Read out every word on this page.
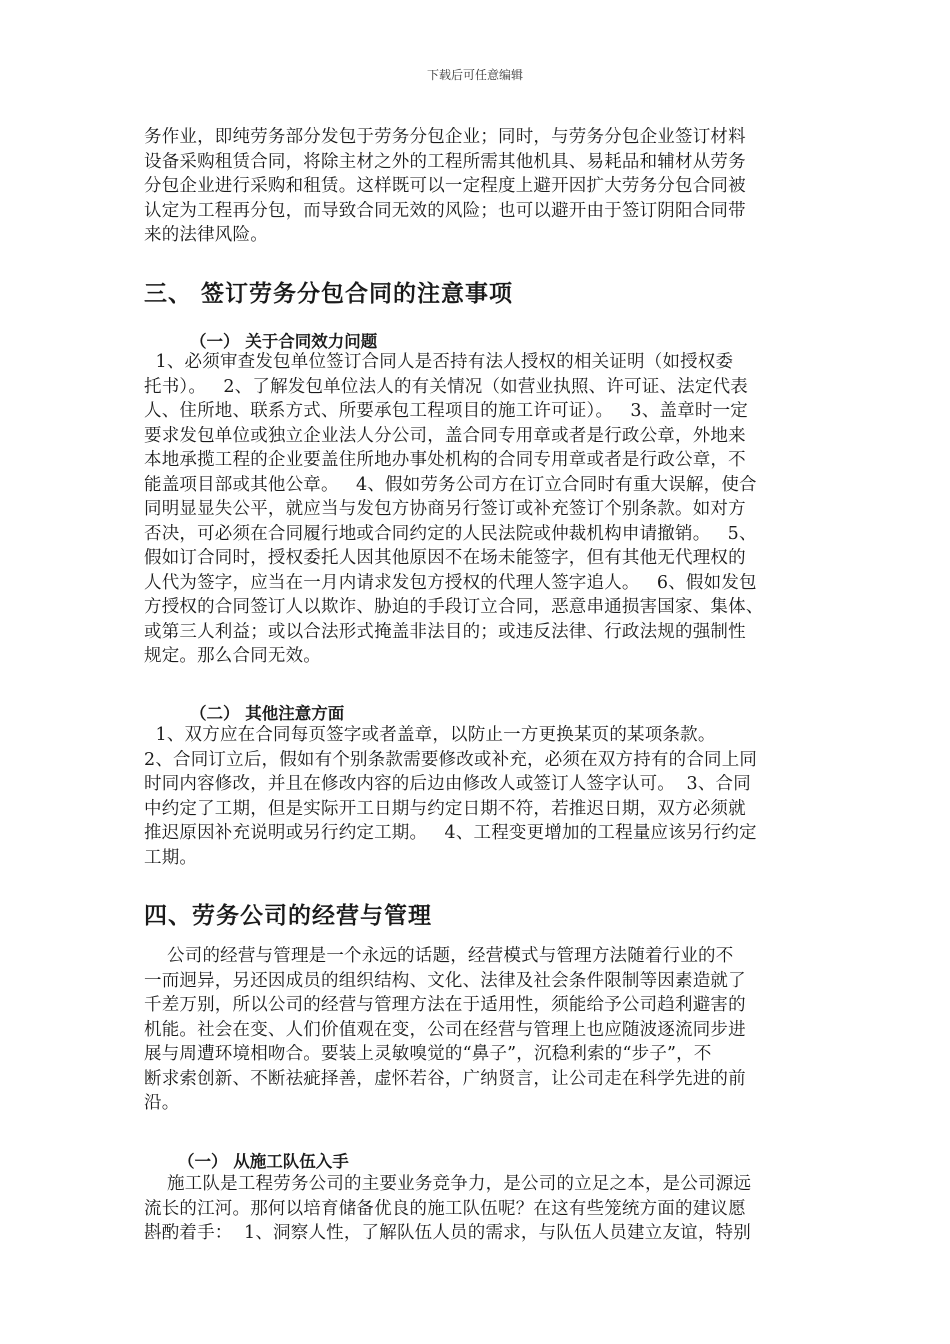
下载后可任意编辑

务作业，即纯劳务部分发包于劳务分包企业；同时，与劳务分包企业签订材料
设备采购租赁合同，将除主材之外的工程所需其他机具、易耗品和辅材从劳务
分包企业进行采购和租赁。这样既可以一定程度上避开因扩大劳务分包合同被
认定为工程再分包，而导致合同无效的风险；也可以避开由于签订阴阳合同带
来的法律风险。

三、 签订劳务分包合同的注意事项
（一） 关于合同效力问题

1、必须审查发包单位签订合同人是否持有法人授权的相关证明（如授权委
托书）。   2、了解发包单位法人的有关情况（如营业执照、许可证、法定代表
人、住所地、联系方式、所要承包工程项目的施工许可证）。   3、盖章时一定
要求发包单位或独立企业法人分公司，盖合同专用章或者是行政公章，外地来
本地承揽工程的企业要盖住所地办事处机构的合同专用章或者是行政公章，不
能盖项目部或其他公章。   4、假如劳务公司方在订立合同时有重大误解，使合
同明显显失公平，就应当与发包方协商另行签订或补充签订个别条款。如对方
否决，可必须在合同履行地或合同约定的人民法院或仲裁机构申请撤销。   5、
假如订合同时，授权委托人因其他原因不在场未能签字，但有其他无代理权的
人代为签字，应当在一月内请求发包方授权的代理人签字追人。   6、假如发包
方授权的合同签订人以欺诈、胁迫的手段订立合同，恶意串通损害国家、集体、
或第三人利益；或以合法形式掩盖非法目的；或违反法律、行政法规的强制性
规定。那么合同无效。

（二） 其他注意方面

1、双方应在合同每页签字或者盖章，以防止一方更换某页的某项条款。
2、合同订立后，假如有个别条款需要修改或补充，必须在双方持有的合同上同
时同内容修改，并且在修改内容的后边由修改人或签订人签字认可。  3、合同
中约定了工期，但是实际开工日期与约定日期不符，若推迟日期，双方必须就
推迟原因补充说明或另行约定工期。   4、工程变更增加的工程量应该另行约定
工期。

四、劳务公司的经营与管理

公司的经营与管理是一个永远的话题，经营模式与管理方法随着行业的不
一而迥异，另还因成员的组织结构、文化、法律及社会条件限制等因素造就了
千差万别，所以公司的经营与管理方法在于适用性，须能给予公司趋利避害的
机能。社会在变、人们价值观在变，公司在经营与管理上也应随波逐流同步进
展与周遭环境相吻合。要装上灵敏嗅觉的“鼻子”，沉稳利索的“步子”，不
断求索创新、不断祛疵择善，虚怀若谷，广纳贤言，让公司走在科学先进的前
沿。

（一） 从施工队伍入手

施工队是工程劳务公司的主要业务竞争力，是公司的立足之本，是公司源远
流长的江河。那何以培育储备优良的施工队伍呢？在这有些笼统方面的建议愿
斟酌着手：  1、洞察人性，了解队伍人员的需求，与队伍人员建立友谊，特别
